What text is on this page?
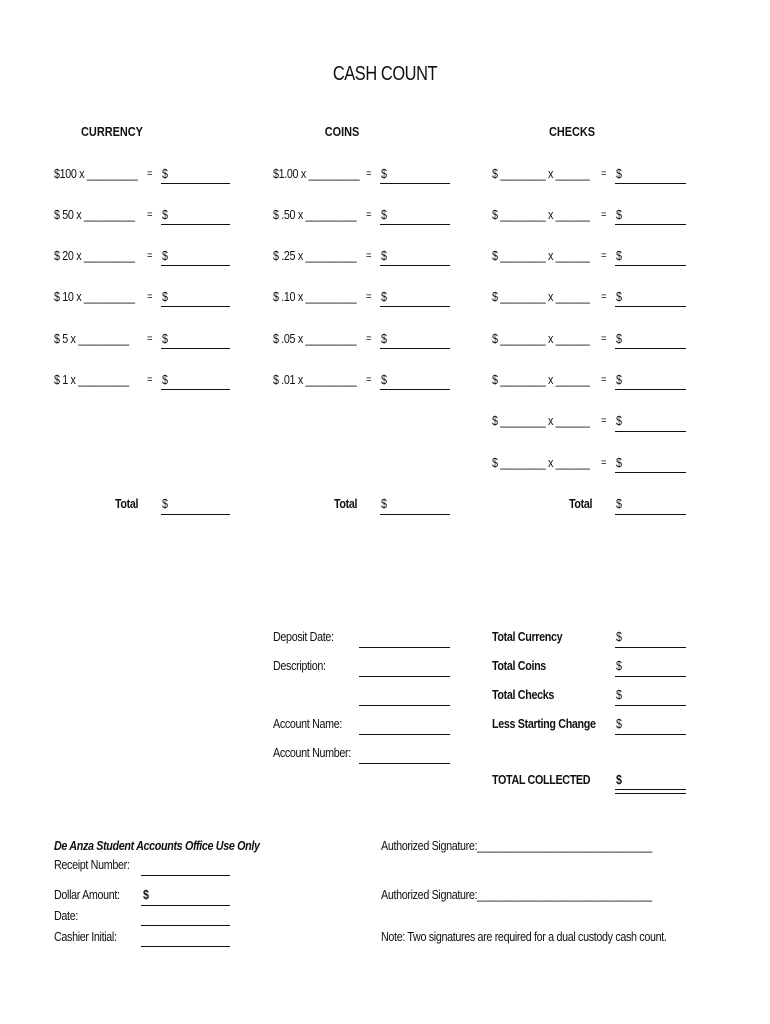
CASH COUNT
CURRENCY	COINS	CHECKS
$100 x _________ = $
$ 50 x _________ = $
$ 20 x _________ = $
$ 10 x _________ = $
$ 5 x _________ = $
$ 1 x _________ = $
$1.00 x _________ = $
$ .50 x _________ = $
$ .25 x _________ = $
$ .10 x _________ = $
$ .05 x _________ = $
$ .01 x _________ = $
$ ________ x ______ = $
$ ________ x ______ = $
$ ________ x ______ = $
$ ________ x ______ = $
$ ________ x ______ = $
$ ________ x ______ = $
$ ________ x ______ = $
$ ________ x ______ = $
Total $	Total $	Total $
Deposit Date:
Description:
Account Name:
Account Number:
Total Currency	$
Total Coins	$
Total Checks	$
Less Starting Change $
TOTAL COLLECTED $
De Anza Student Accounts Office Use Only
Receipt Number:
Dollar Amount: $
Date:
Cashier Initial:
Authorized Signature:_______________________________
Authorized Signature:_______________________________
Note: Two signatures are required for a dual custody cash count.
